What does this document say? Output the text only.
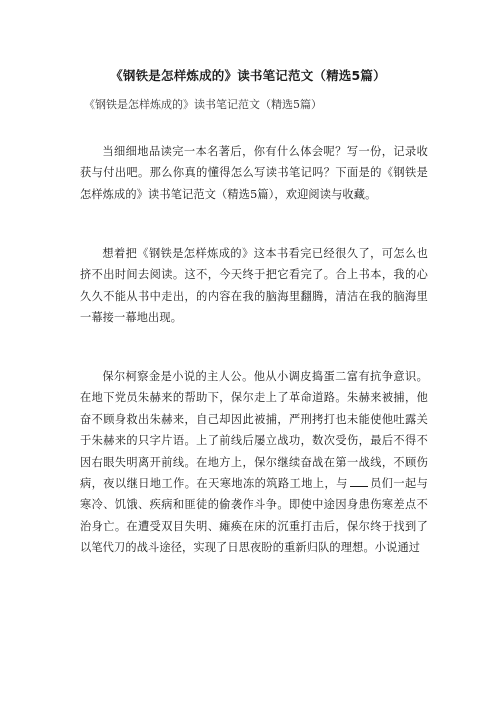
《钢铁是怎样炼成的》读书笔记范文（精选5篇）
《钢铁是怎样炼成的》读书笔记范文（精选5篇）

当细细地品读完一本名著后，你有什么体会呢？写一份，记录收获与付出吧。那么你真的懂得怎么写读书笔记吗？下面是的《钢铁是怎样炼成的》读书笔记范文（精选5篇），欢迎阅读与收藏。

想着把《钢铁是怎样炼成的》这本书看完已经很久了，可怎么也挤不出时间去阅读。这不，今天终于把它看完了。合上书本，我的心久久不能从书中走出，的内容在我的脑海里翻腾，清洁在我的脑海里一幕接一幕地出现。

保尔柯察金是小说的主人公。他从小调皮捣蛋二富有抗争意识。在地下党员朱赫来的帮助下，保尔走上了革命道路。朱赫来被捕，他奋不顾身救出朱赫来，自己却因此被捕，严刑拷打也未能使他吐露关于朱赫来的只字片语。上了前线后屡立战功，数次受伤，最后不得不因右眼失明离开前线。在地方上，保尔继续奋战在第一战线，不顾伤病，夜以继日地工作。在天寒地冻的筑路工地上，与 员们一起与寒冷、饥饿、疾病和匪徒的偷袭作斗争。即使中途因身患伤寒差点不治身亡。在遭受双目失明、瘫痪在床的沉重打击后，保尔终于找到了以笔代刀的战斗途径，实现了日思夜盼的重新归队的理想。小说通过
